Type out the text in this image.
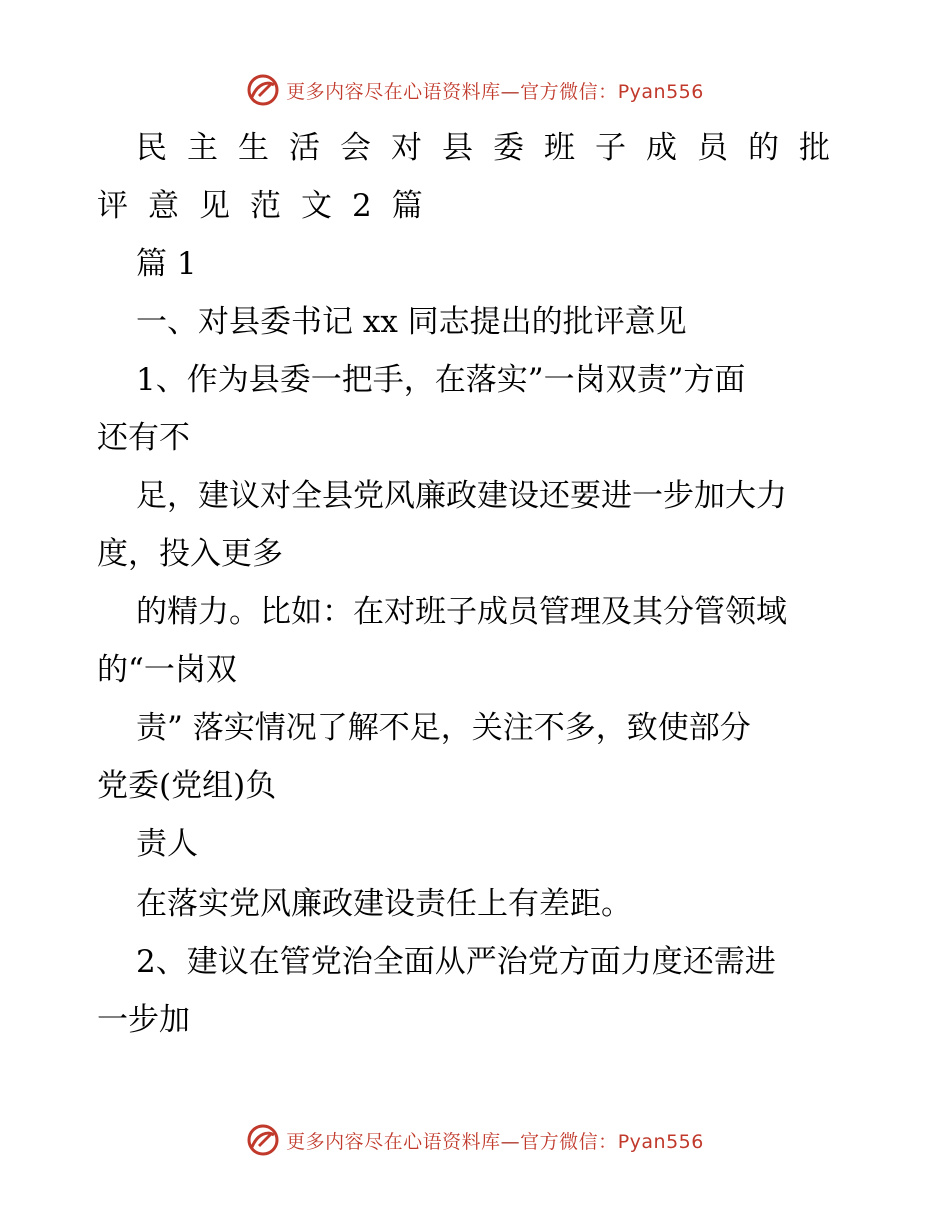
更多内容尽在心语资料库—官方微信：Pyan556
民主生活会对县委班子成员的批
评意见范文2篇
篇 1
一、对县委书记 xx 同志提出的批评意见
1、作为县委一把手，在落实”一岗双责”方面
还有不
足，建议对全县党风廉政建设还要进一步加大力
度，投入更多
的精力。比如：在对班子成员管理及其分管领域
的“一岗双
责” 落实情况了解不足，关注不多，致使部分
党委(党组)负
责人
在落实党风廉政建设责任上有差距。
2、建议在管党治全面从严治党方面力度还需进
一步加
更多内容尽在心语资料库—官方微信：Pyan556
